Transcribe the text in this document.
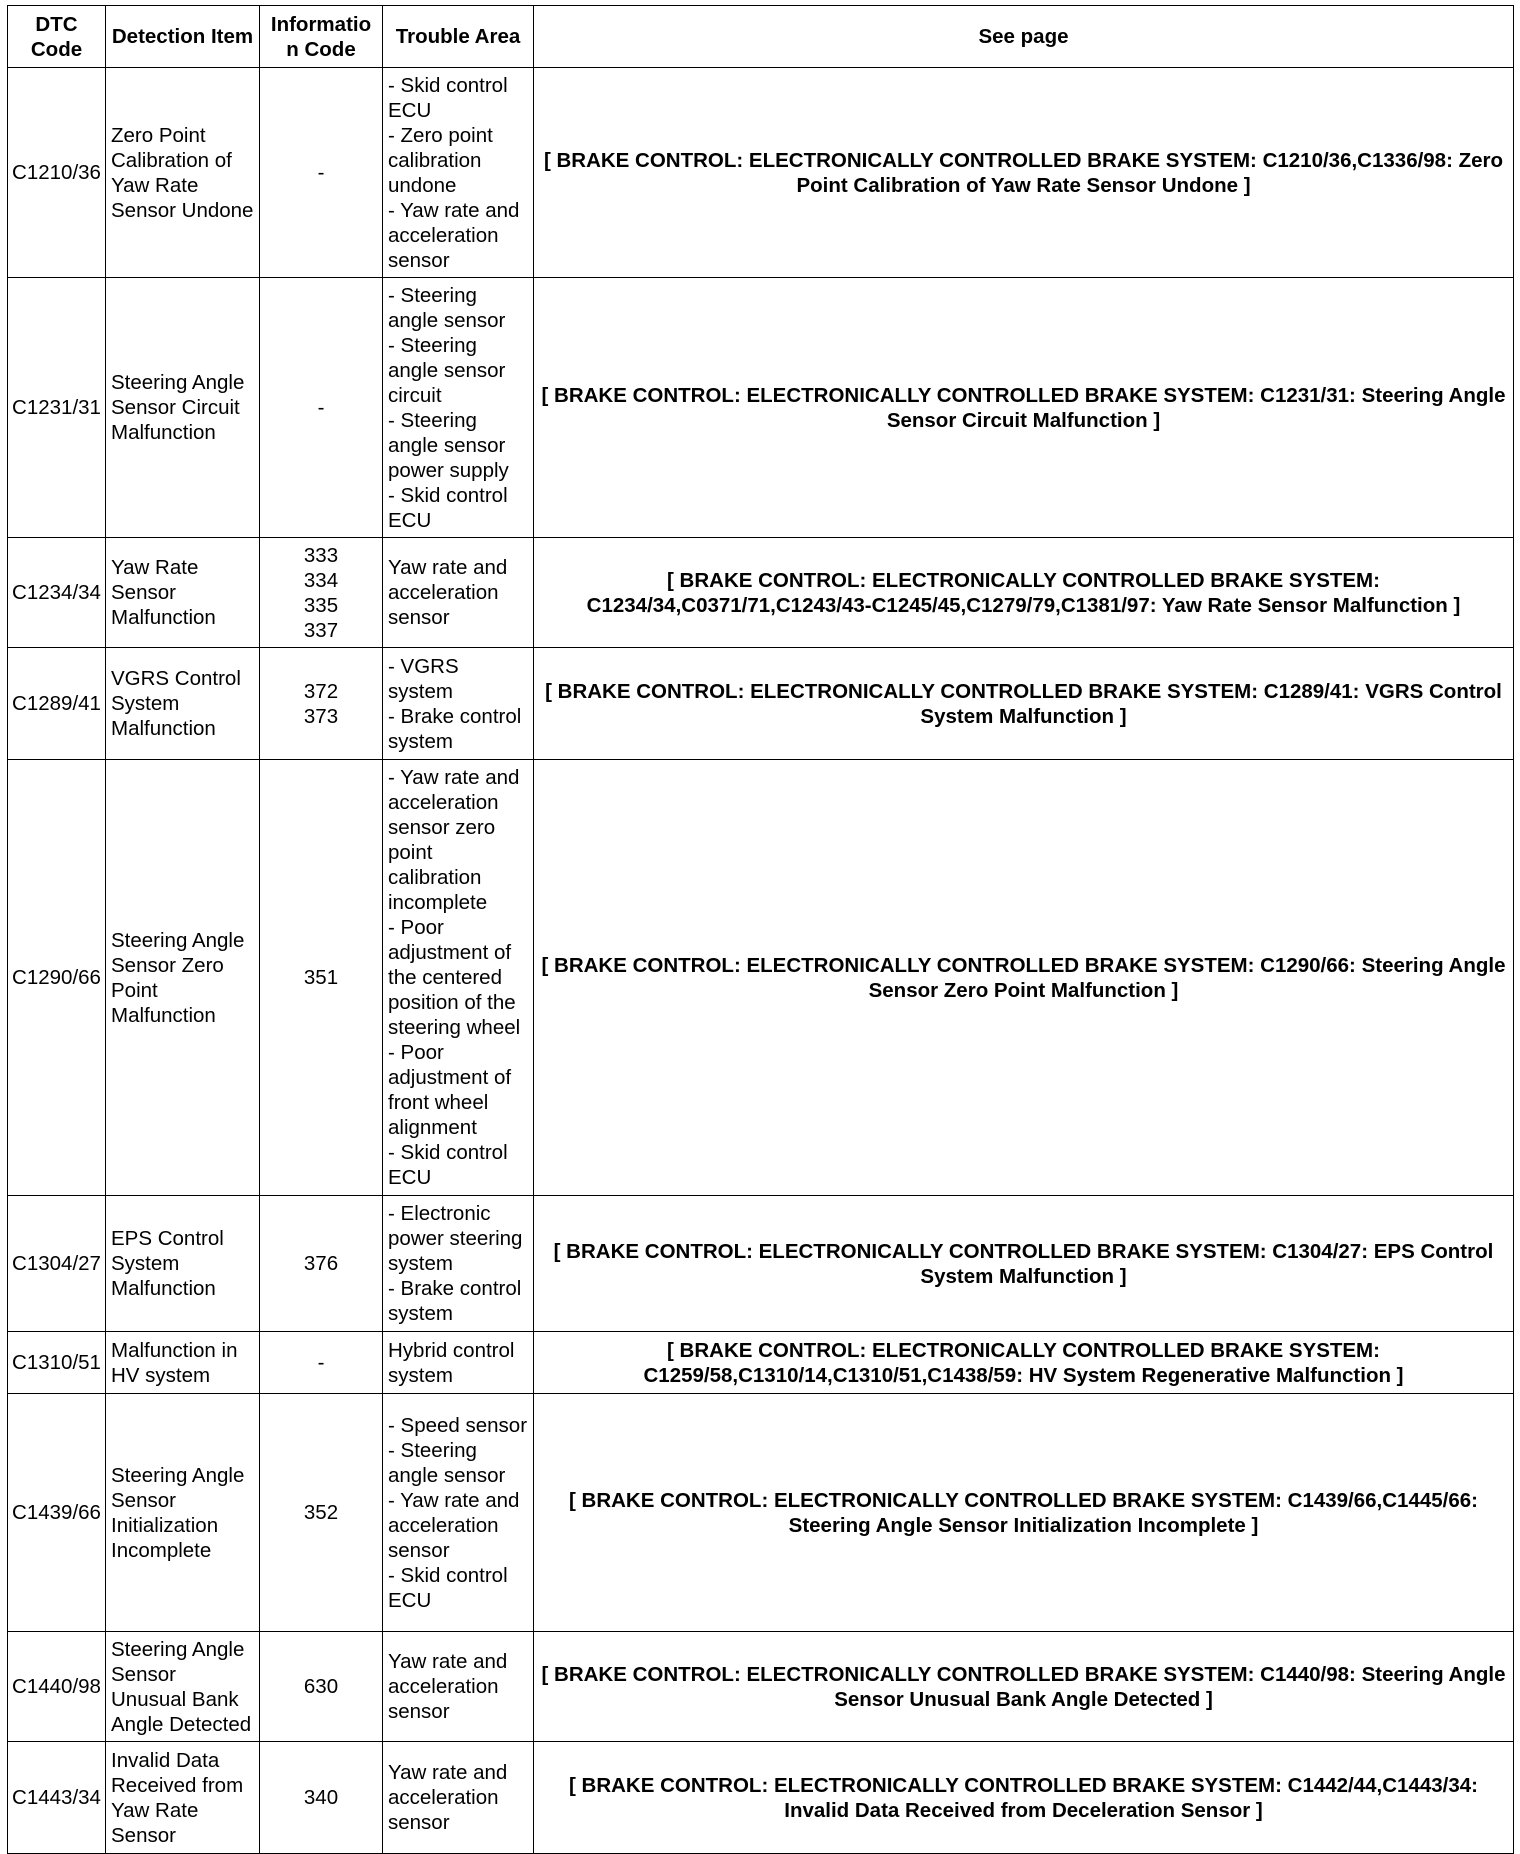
DTC Code	Detection Item	Information Code	Trouble Area	See page
C1210/36	Zero Point Calibration of Yaw Rate Sensor Undone	-	- Skid control ECU
- Zero point calibration undone
- Yaw rate and acceleration sensor	[ BRAKE CONTROL: ELECTRONICALLY CONTROLLED BRAKE SYSTEM: C1210/36,C1336/98: Zero Point Calibration of Yaw Rate Sensor Undone ]
C1231/31	Steering Angle Sensor Circuit Malfunction	-	- Steering angle sensor
- Steering angle sensor circuit
- Steering angle sensor power supply
- Skid control ECU	[ BRAKE CONTROL: ELECTRONICALLY CONTROLLED BRAKE SYSTEM: C1231/31: Steering Angle Sensor Circuit Malfunction ]
C1234/34	Yaw Rate Sensor Malfunction	333
334
335
337	Yaw rate and acceleration sensor	[ BRAKE CONTROL: ELECTRONICALLY CONTROLLED BRAKE SYSTEM: C1234/34,C0371/71,C1243/43-C1245/45,C1279/79,C1381/97: Yaw Rate Sensor Malfunction ]
C1289/41	VGRS Control System Malfunction	372
373	- VGRS system
- Brake control system	[ BRAKE CONTROL: ELECTRONICALLY CONTROLLED BRAKE SYSTEM: C1289/41: VGRS Control System Malfunction ]
C1290/66	Steering Angle Sensor Zero Point Malfunction	351	- Yaw rate and acceleration sensor zero point calibration incomplete
- Poor adjustment of the centered position of the steering wheel
- Poor adjustment of front wheel alignment
- Skid control ECU	[ BRAKE CONTROL: ELECTRONICALLY CONTROLLED BRAKE SYSTEM: C1290/66: Steering Angle Sensor Zero Point Malfunction ]
C1304/27	EPS Control System Malfunction	376	- Electronic power steering system
- Brake control system	[ BRAKE CONTROL: ELECTRONICALLY CONTROLLED BRAKE SYSTEM: C1304/27: EPS Control System Malfunction ]
C1310/51	Malfunction in HV system	-	Hybrid control system	[ BRAKE CONTROL: ELECTRONICALLY CONTROLLED BRAKE SYSTEM: C1259/58,C1310/14,C1310/51,C1438/59: HV System Regenerative Malfunction ]
C1439/66	Steering Angle Sensor Initialization Incomplete	352	- Speed sensor
- Steering angle sensor
- Yaw rate and acceleration sensor
- Skid control ECU	[ BRAKE CONTROL: ELECTRONICALLY CONTROLLED BRAKE SYSTEM: C1439/66,C1445/66: Steering Angle Sensor Initialization Incomplete ]
C1440/98	Steering Angle Sensor Unusual Bank Angle Detected	630	Yaw rate and acceleration sensor	[ BRAKE CONTROL: ELECTRONICALLY CONTROLLED BRAKE SYSTEM: C1440/98: Steering Angle Sensor Unusual Bank Angle Detected ]
C1443/34	Invalid Data Received from Yaw Rate Sensor	340	Yaw rate and acceleration sensor	[ BRAKE CONTROL: ELECTRONICALLY CONTROLLED BRAKE SYSTEM: C1442/44,C1443/34: Invalid Data Received from Deceleration Sensor ]
